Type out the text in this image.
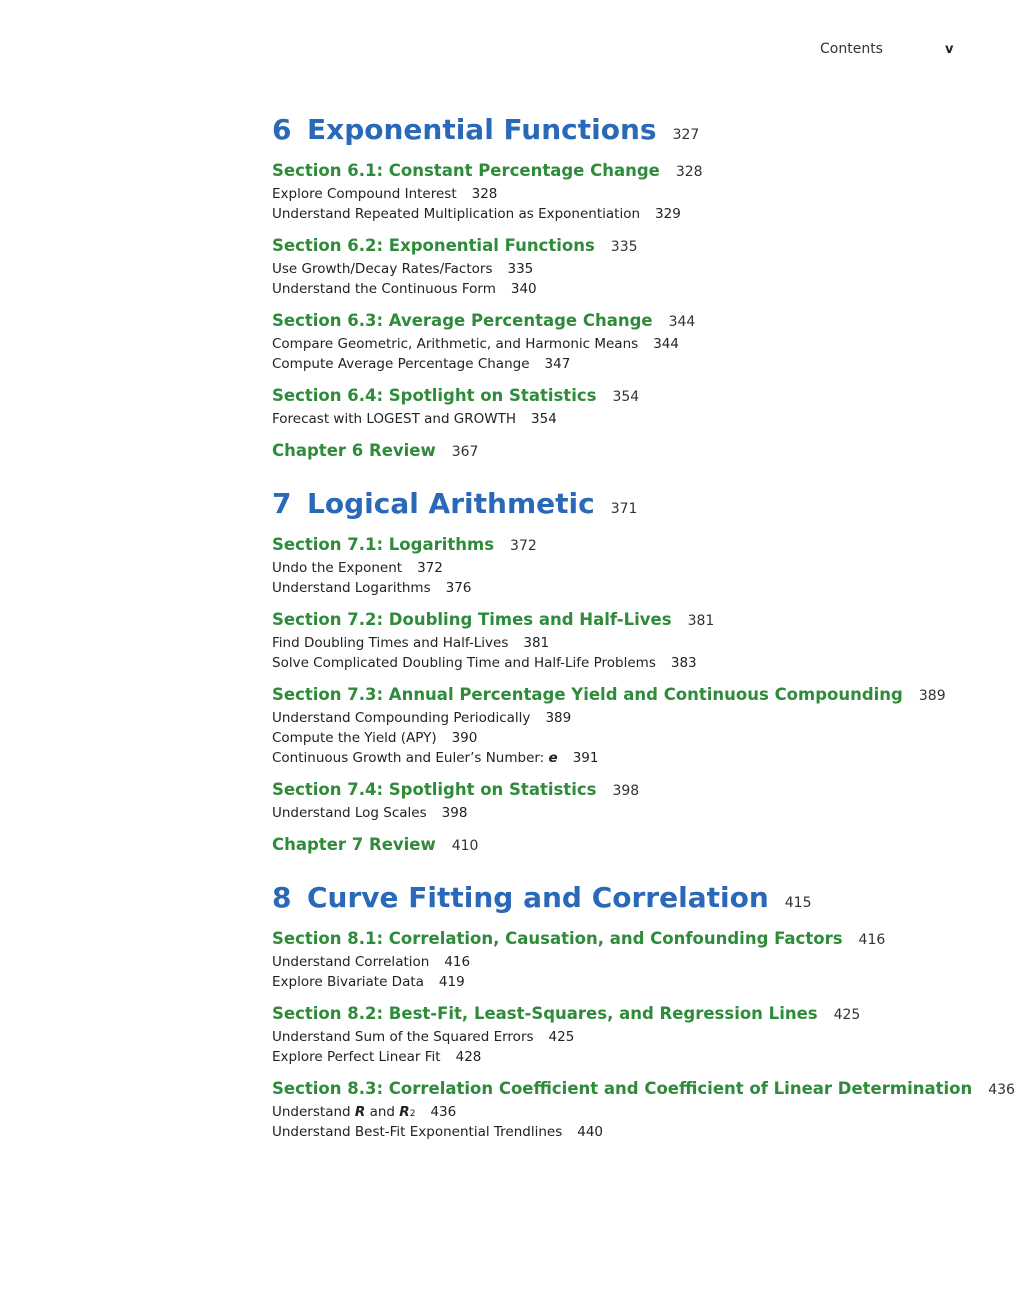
Contents	v
6 Exponential Functions 327
Section 6.1: Constant Percentage Change 328
Explore Compound Interest 328
Understand Repeated Multiplication as Exponentiation 329
Section 6.2: Exponential Functions 335
Use Growth/Decay Rates/Factors 335
Understand the Continuous Form 340
Section 6.3: Average Percentage Change 344
Compare Geometric, Arithmetic, and Harmonic Means 344
Compute Average Percentage Change 347
Section 6.4: Spotlight on Statistics 354
Forecast with LOGEST and GROWTH 354
Chapter 6 Review 367
7 Logical Arithmetic 371
Section 7.1: Logarithms 372
Undo the Exponent 372
Understand Logarithms 376
Section 7.2: Doubling Times and Half-Lives 381
Find Doubling Times and Half-Lives 381
Solve Complicated Doubling Time and Half-Life Problems 383
Section 7.3: Annual Percentage Yield and Continuous Compounding 389
Understand Compounding Periodically 389
Compute the Yield (APY) 390
Continuous Growth and Euler’s Number:
e 391
Section 7.4: Spotlight on Statistics 398
Understand Log Scales 398
Chapter 7 Review 410
8 Curve Fitting and Correlation 415
Section 8.1: Correlation, Causation, and Confounding Factors 416
Understand Correlation 416
Explore Bivariate Data 419
Section 8.2: Best-Fit, Least-Squares, and Regression Lines 425
Understand Sum of the Squared Errors 425
Explore Perfect Linear Fit 428
Section 8.3: Correlation Coefficient and Coefficient of Linear Determination 436
Understand
R
and
R 2 436
Understand Best-Fit Exponential Trendlines 440
